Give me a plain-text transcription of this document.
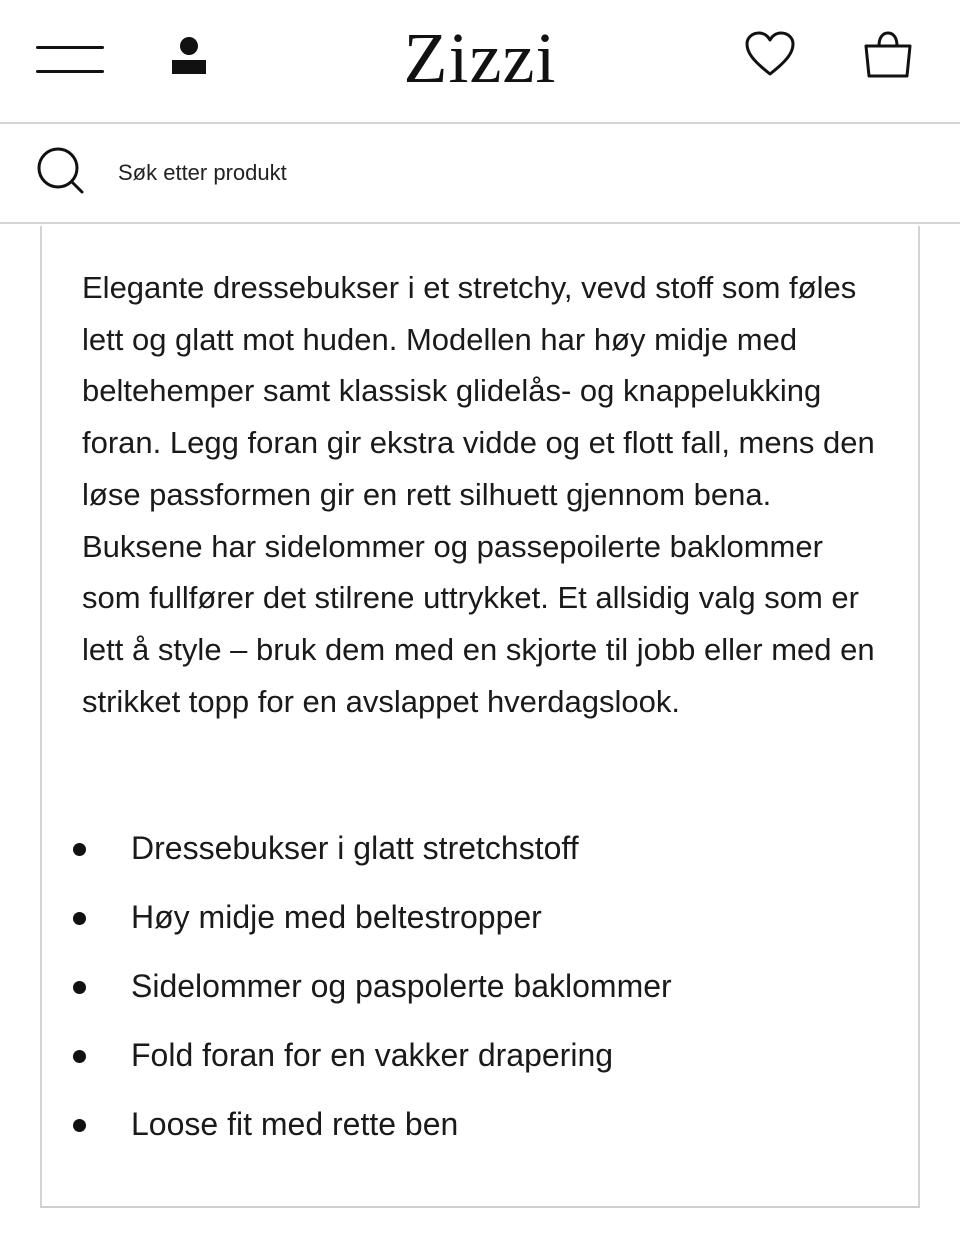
Zizzi
Søk etter produkt

Elegante dressebukser i et stretchy, vevd stoff som føles lett og glatt mot huden. Modellen har høy midje med beltehemper samt klassisk glidelås- og knappelukking foran. Legg foran gir ekstra vidde og et flott fall, mens den løse passformen gir en rett silhuett gjennom bena. Buksene har sidelommer og passepoilerte baklommer som fullfører det stilrene uttrykket. Et allsidig valg som er lett å style – bruk dem med en skjorte til jobb eller med en strikket topp for en avslappet hverdagslook.

Dressebukser i glatt stretchstoff
Høy midje med beltestropper
Sidelommer og paspolerte baklommer
Fold foran for en vakker drapering
Loose fit med rette ben
